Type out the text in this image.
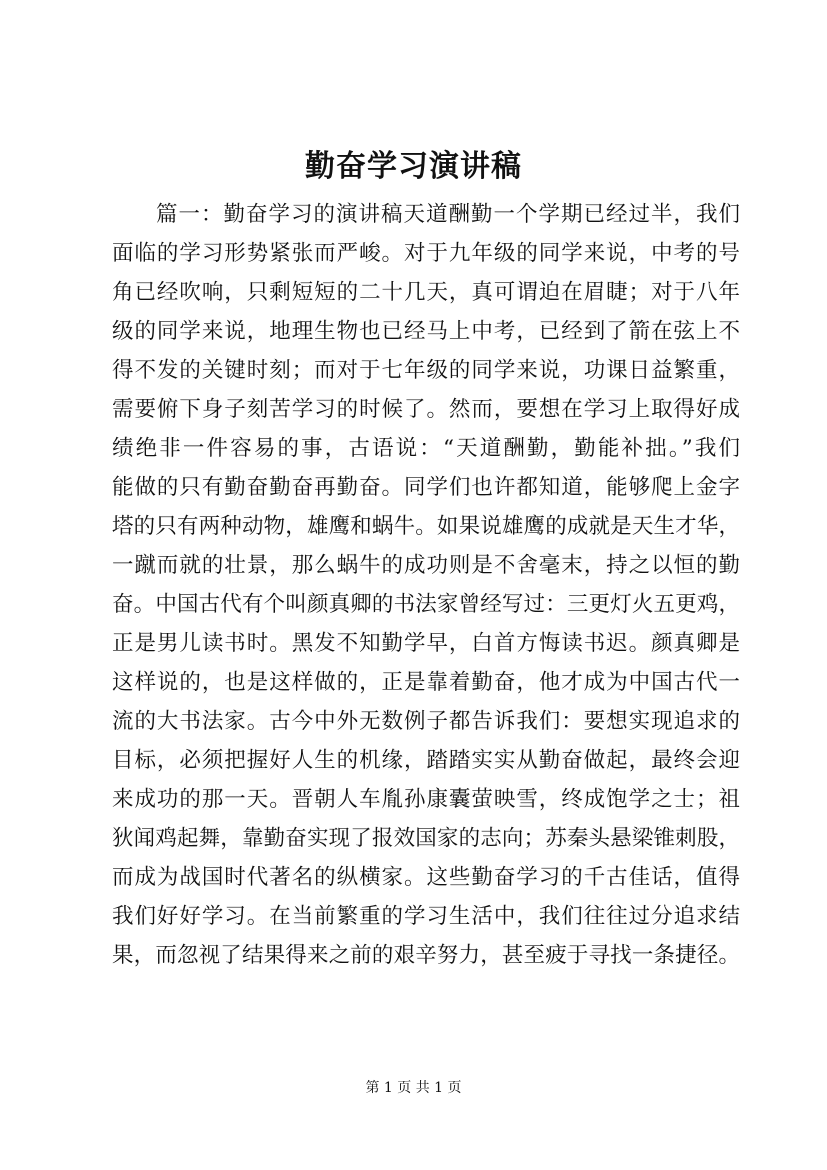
勤奋学习演讲稿
篇一：勤奋学习的演讲稿天道酬勤一个学期已经过半，我们
面临的学习形势紧张而严峻。对于九年级的同学来说，中考的号
角已经吹响，只剩短短的二十几天，真可谓迫在眉睫；对于八年
级的同学来说，地理生物也已经马上中考，已经到了箭在弦上不
得不发的关键时刻；而对于七年级的同学来说，功课日益繁重，
需要俯下身子刻苦学习的时候了。然而，要想在学习上取得好成
绩绝非一件容易的事，古语说：“天道酬勤，勤能补拙。”我们
能做的只有勤奋勤奋再勤奋。同学们也许都知道，能够爬上金字
塔的只有两种动物，雄鹰和蜗牛。如果说雄鹰的成就是天生才华，
一蹴而就的壮景，那么蜗牛的成功则是不舍毫末，持之以恒的勤
奋。中国古代有个叫颜真卿的书法家曾经写过：三更灯火五更鸡，
正是男儿读书时。黑发不知勤学早，白首方悔读书迟。颜真卿是
这样说的，也是这样做的，正是靠着勤奋，他才成为中国古代一
流的大书法家。古今中外无数例子都告诉我们：要想实现追求的
目标，必须把握好人生的机缘，踏踏实实从勤奋做起，最终会迎
来成功的那一天。晋朝人车胤孙康囊萤映雪，终成饱学之士；祖
狄闻鸡起舞，靠勤奋实现了报效国家的志向；苏秦头悬梁锥刺股，
而成为战国时代著名的纵横家。这些勤奋学习的千古佳话，值得
我们好好学习。在当前繁重的学习生活中，我们往往过分追求结
果，而忽视了结果得来之前的艰辛努力，甚至疲于寻找一条捷径。

第 1 页 共 1 页
